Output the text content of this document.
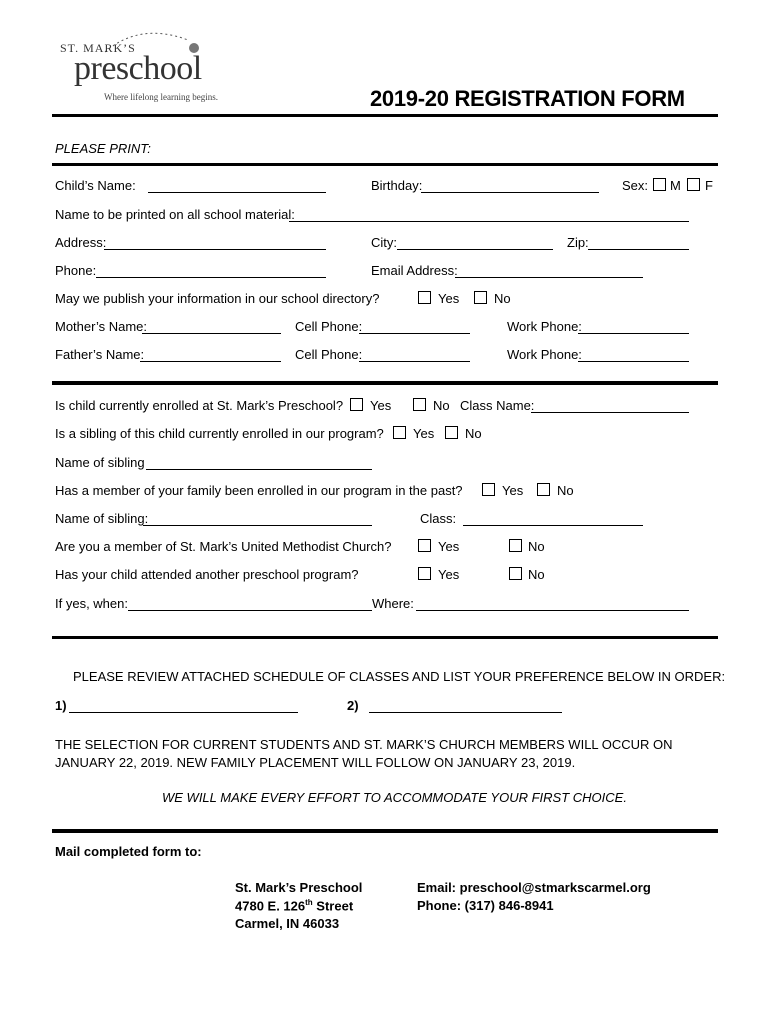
ST. MARK’S
preschool
Where lifelong learning begins.	2019-20 REGISTRATION FORM
PLEASE PRINT:
Child’s Name:	Birthday:	Sex: M F
Name to be printed on all school material:
Address:	City:	Zip:
Phone:	Email Address:
May we publish your information in our school directory?	Yes	No
Mother’s Name:	Cell Phone:	Work Phone:
Father’s Name:	Cell Phone:	Work Phone:
Is child currently enrolled at St. Mark’s Preschool? Yes	No Class Name:
Is a sibling of this child currently enrolled in our program? Yes No
Name of sibling
Has a member of your family been enrolled in our program in the past?	Yes	No
Name of sibling:	Class:
Are you a member of St. Mark’s United Methodist Church?	Yes	No
Has your child attended another preschool program?	Yes	No
If yes, when:	Where:
PLEASE REVIEW ATTACHED SCHEDULE OF CLASSES AND LIST YOUR PREFERENCE BELOW IN ORDER:
1)	2)
THE SELECTION FOR CURRENT STUDENTS AND ST. MARK’S CHURCH MEMBERS WILL OCCUR ON JANUARY 22, 2019. NEW FAMILY PLACEMENT WILL FOLLOW ON JANUARY 23, 2019.
WE WILL MAKE EVERY EFFORT TO ACCOMMODATE YOUR FIRST CHOICE.
Mail completed form to:
St. Mark’s Preschool
4780 E. 126th Street
Carmel, IN 46033
Email: preschool@stmarkscarmel.org
Phone: (317) 846-8941
